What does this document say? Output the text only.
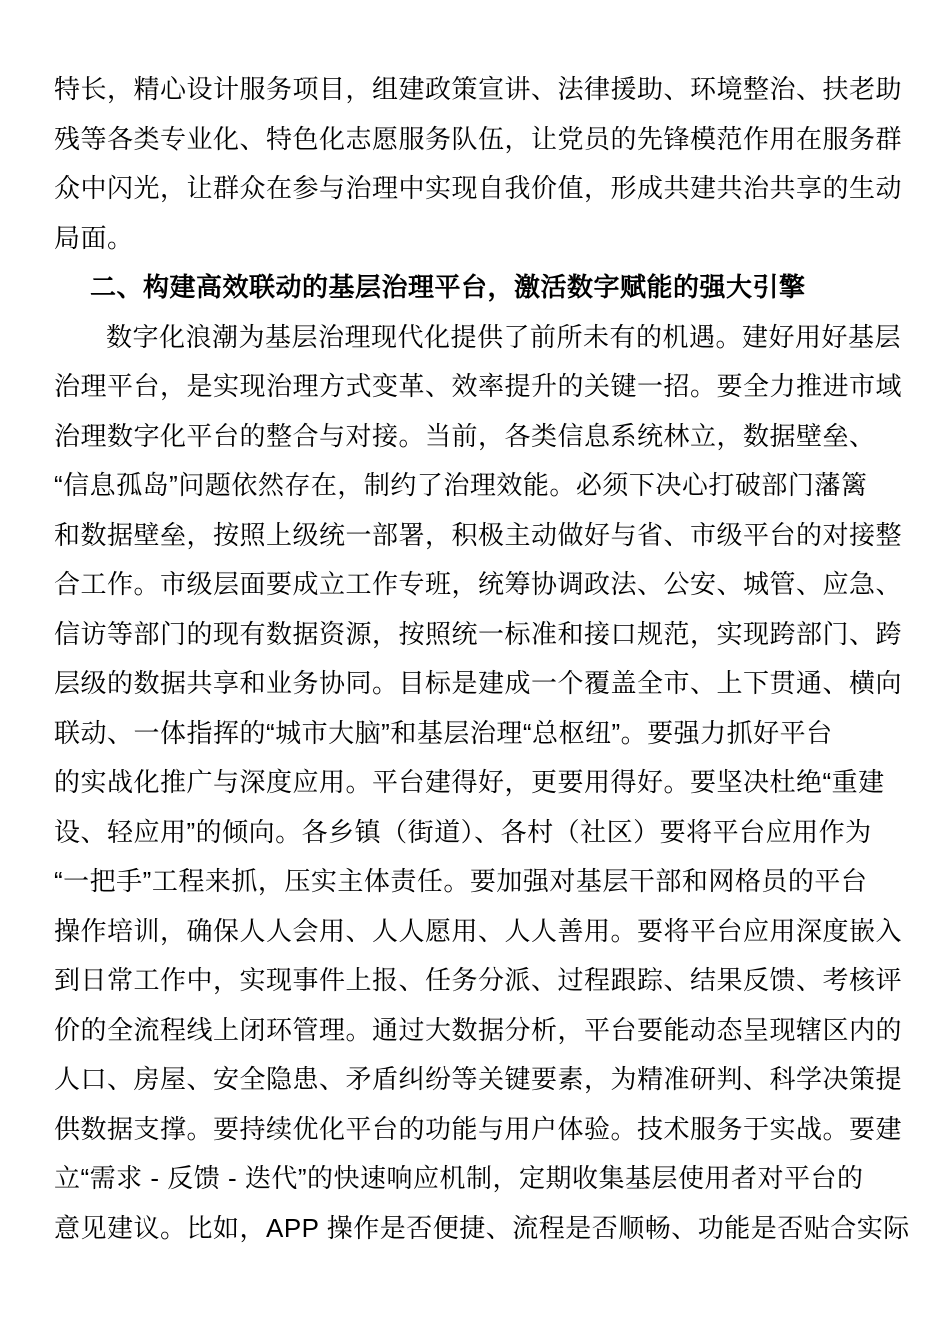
特长，精心设计服务项目，组建政策宣讲、法律援助、环境整治、扶老助
残等各类专业化、特色化志愿服务队伍，让党员的先锋模范作用在服务群
众中闪光，让群众在参与治理中实现自我价值，形成共建共治共享的生动
局面。
二、构建高效联动的基层治理平台，激活数字赋能的强大引擎
数字化浪潮为基层治理现代化提供了前所未有的机遇。建好用好基层
治理平台，是实现治理方式变革、效率提升的关键一招。要全力推进市域
治理数字化平台的整合与对接。当前，各类信息系统林立，数据壁垒、
“信息孤岛”问题依然存在，制约了治理效能。必须下决心打破部门藩篱
和数据壁垒，按照上级统一部署，积极主动做好与省、市级平台的对接整
合工作。市级层面要成立工作专班，统筹协调政法、公安、城管、应急、
信访等部门的现有数据资源，按照统一标准和接口规范，实现跨部门、跨
层级的数据共享和业务协同。目标是建成一个覆盖全市、上下贯通、横向
联动、一体指挥的“城市大脑”和基层治理“总枢纽”。要强力抓好平台
的实战化推广与深度应用。平台建得好，更要用得好。要坚决杜绝“重建
设、轻应用”的倾向。各乡镇（街道）、各村（社区）要将平台应用作为
“一把手”工程来抓，压实主体责任。要加强对基层干部和网格员的平台
操作培训，确保人人会用、人人愿用、人人善用。要将平台应用深度嵌入
到日常工作中，实现事件上报、任务分派、过程跟踪、结果反馈、考核评
价的全流程线上闭环管理。通过大数据分析，平台要能动态呈现辖区内的
人口、房屋、安全隐患、矛盾纠纷等关键要素，为精准研判、科学决策提
供数据支撑。要持续优化平台的功能与用户体验。技术服务于实战。要建
立“需求 - 反馈 - 迭代”的快速响应机制，定期收集基层使用者对平台的
意见建议。比如，APP 操作是否便捷、流程是否顺畅、功能是否贴合实际
